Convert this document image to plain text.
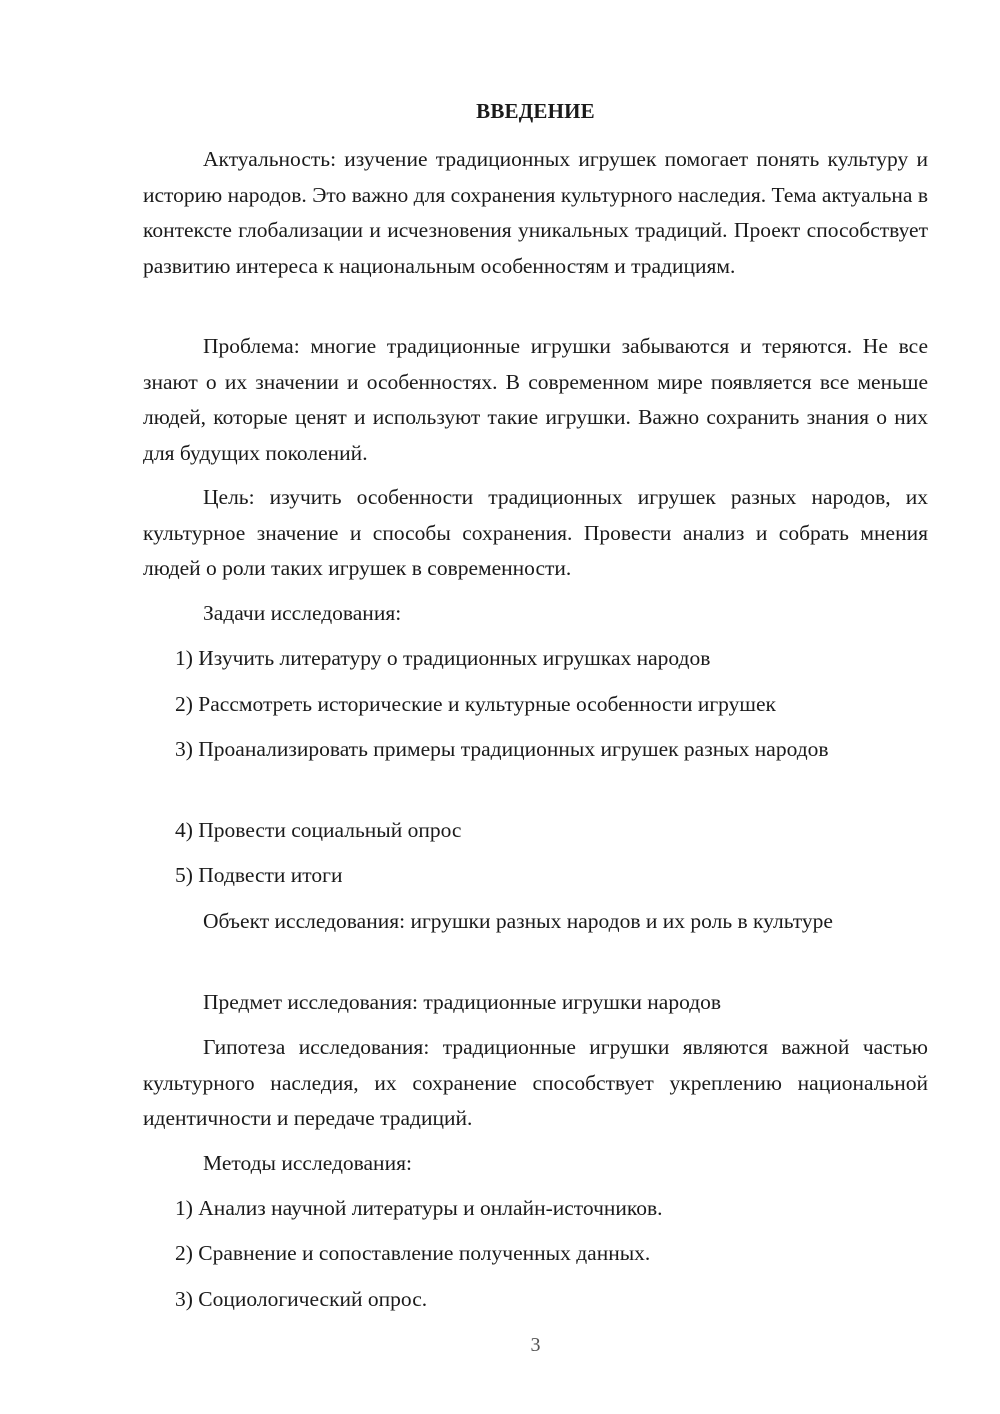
ВВЕДЕНИЕ

Актуальность: изучение традиционных игрушек помогает понять культуру и историю народов. Это важно для сохранения культурного наследия. Тема актуальна в контексте глобализации и исчезновения уникальных традиций. Проект способствует развитию интереса к национальным особенностям и традициям.

Проблема: многие традиционные игрушки забываются и теряются. Не все знают о их значении и особенностях. В современном мире появляется все меньше людей, которые ценят и используют такие игрушки. Важно сохранить знания о них для будущих поколений.

Цель: изучить особенности традиционных игрушек разных народов, их культурное значение и способы сохранения. Провести анализ и собрать мнения людей о роли таких игрушек в современности.

Задачи исследования:

1) Изучить литературу о традиционных игрушках народов

2) Рассмотреть исторические и культурные особенности игрушек

3) Проанализировать примеры традиционных игрушек разных народов

4) Провести социальный опрос

5) Подвести итоги

Объект исследования: игрушки разных народов и их роль в культуре

Предмет исследования: традиционные игрушки народов

Гипотеза исследования: традиционные игрушки являются важной частью культурного наследия, их сохранение способствует укреплению национальной идентичности и передаче традиций.

Методы исследования:

1) Анализ научной литературы и онлайн-источников.

2) Сравнение и сопоставление полученных данных.

3) Социологический опрос.

3
